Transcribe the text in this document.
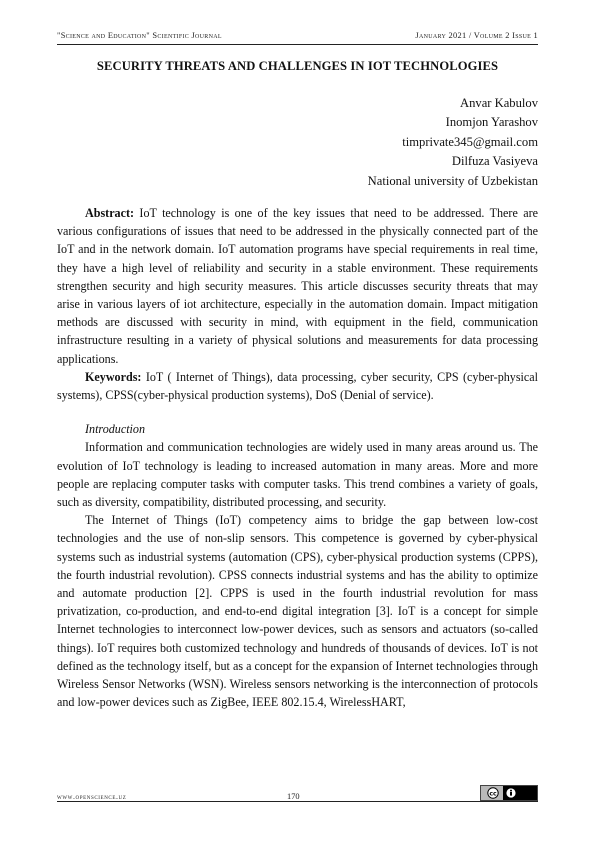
"Science and Education" Scientific Journal	January 2021 / Volume 2 Issue 1
SECURITY THREATS AND CHALLENGES IN IOT TECHNOLOGIES
Anvar Kabulov
Inomjon Yarashov
timprivate345@gmail.com
Dilfuza Vasiyeva
National university of Uzbekistan

Abstract: IoT technology is one of the key issues that need to be addressed. There are various configurations of issues that need to be addressed in the physically connected part of the IoT and in the network domain. IoT automation programs have special requirements in real time, they have a high level of reliability and security in a stable environment. These requirements strengthen security and high security measures. This article discusses security threats that may arise in various layers of iot architecture, especially in the automation domain. Impact mitigation methods are discussed with security in mind, with equipment in the field, communication infrastructure resulting in a variety of physical solutions and measurements for data processing applications.

Keywords: IoT ( Internet of Things), data processing, cyber security, CPS (cyber-physical systems), CPSS(cyber-physical production systems), DoS (Denial of service).

Introduction

Information and communication technologies are widely used in many areas around us. The evolution of IoT technology is leading to increased automation in many areas. More and more people are replacing computer tasks with computer tasks. This trend combines a variety of goals, such as diversity, compatibility, distributed processing, and security.

The Internet of Things (IoT) competency aims to bridge the gap between low-cost technologies and the use of non-slip sensors. This competence is governed by cyber-physical systems such as industrial systems (automation (CPS), cyber-physical production systems (CPPS), the fourth industrial revolution). CPSS connects industrial systems and has the ability to optimize and automate production [2]. CPPS is used in the fourth industrial revolution for mass privatization, co-production, and end-to-end digital integration [3]. IoT is a concept for simple Internet technologies to interconnect low-power devices, such as sensors and actuators (so-called things). IoT requires both customized technology and hundreds of thousands of devices. IoT is not defined as the technology itself, but as a concept for the expansion of Internet technologies through Wireless Sensor Networks (WSN). Wireless sensors networking is the interconnection of protocols and low-power devices such as ZigBee, IEEE 802.15.4, WirelessHART,

www.openscience.uz	170	cc
